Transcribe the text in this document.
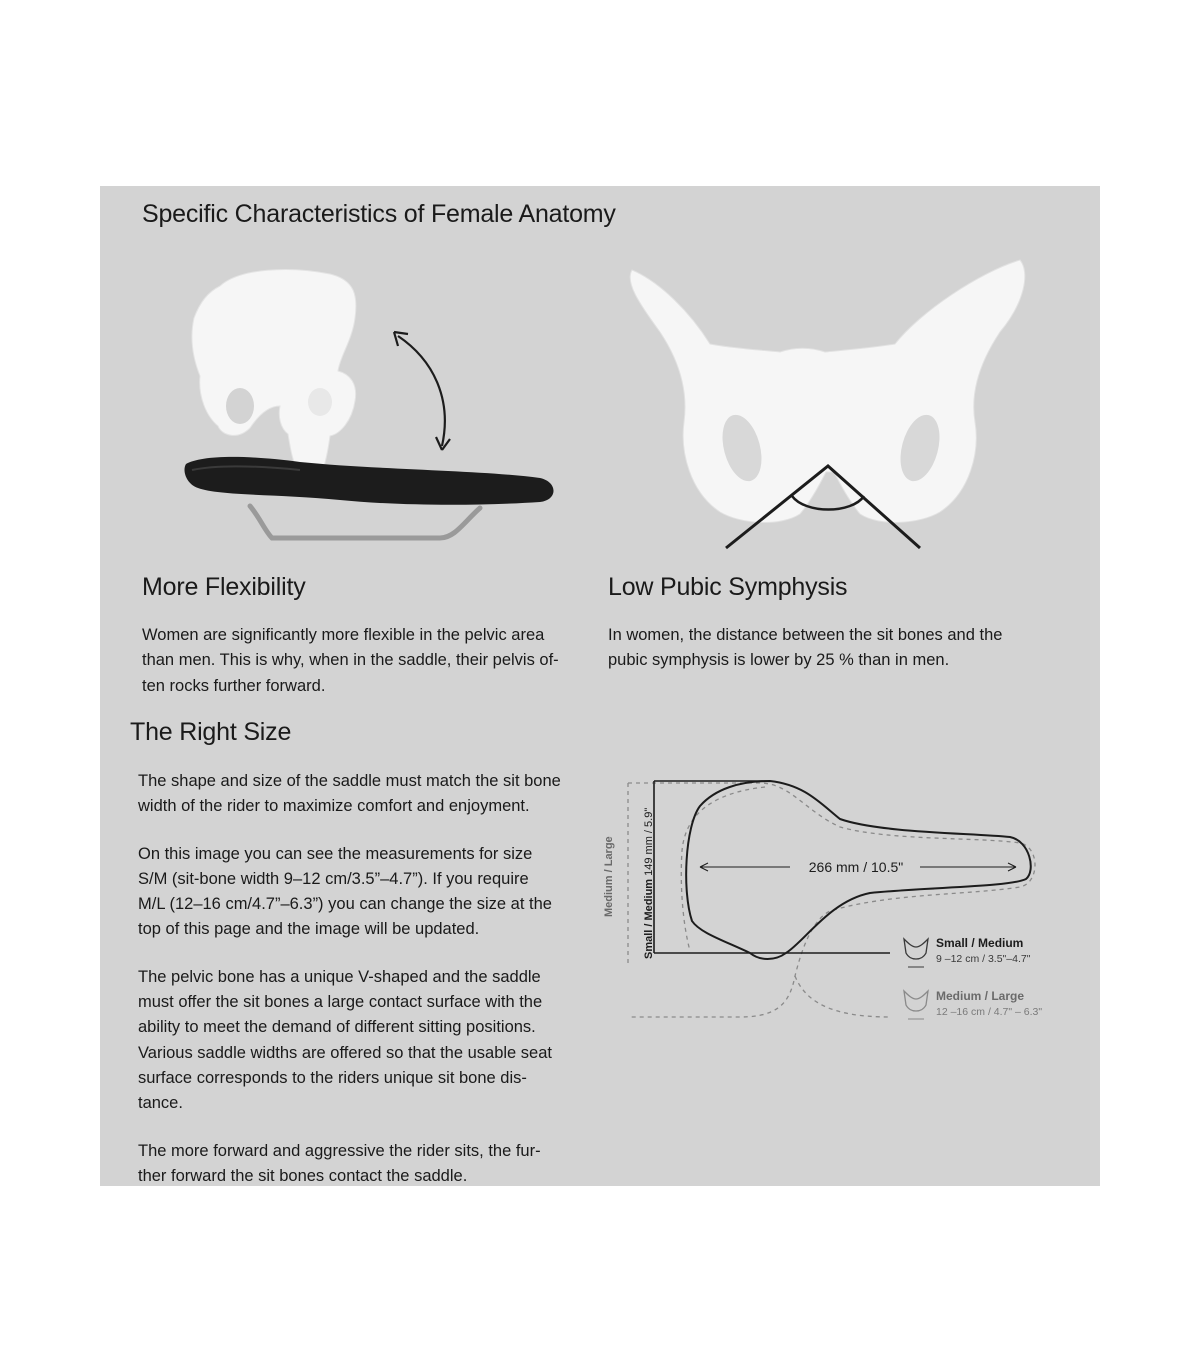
Specific Characteristics of Female Anatomy
More Flexibility

Women are significantly more flexible in the pelvic area

than men. This is why, when in the saddle, their pelvis of-

ten rocks further forward.

Low Pubic Symphysis

In women, the distance between the sit bones and the

pubic symphysis is lower by 25 % than in men.

The Right Size

The shape and size of the saddle must match the sit bone

width of the rider to maximize comfort and enjoyment.

On this image you can see the measurements for size

S/M (sit-bone width 9–12 cm/3.5”–4.7”). If you require

M/L (12–16 cm/4.7”–6.3”) you can change the size at the

top of this page and the image will be updated.

The pelvic bone has a unique V-shaped and the saddle

must offer the sit bones a large contact surface with the

ability to meet the demand of different sitting positions.

Various saddle widths are offered so that the usable seat

surface corresponds to the riders unique sit bone dis-

tance.

The more forward and aggressive the rider sits, the fur-

ther forward the sit bones contact the saddle.

266 mm / 10.5"
Medium / Large
Small / Medium 149 mm / 5.9"
Small / Medium
9 –12 cm / 3.5"–4.7"
Medium / Large
12 –16 cm / 4.7" – 6.3"
